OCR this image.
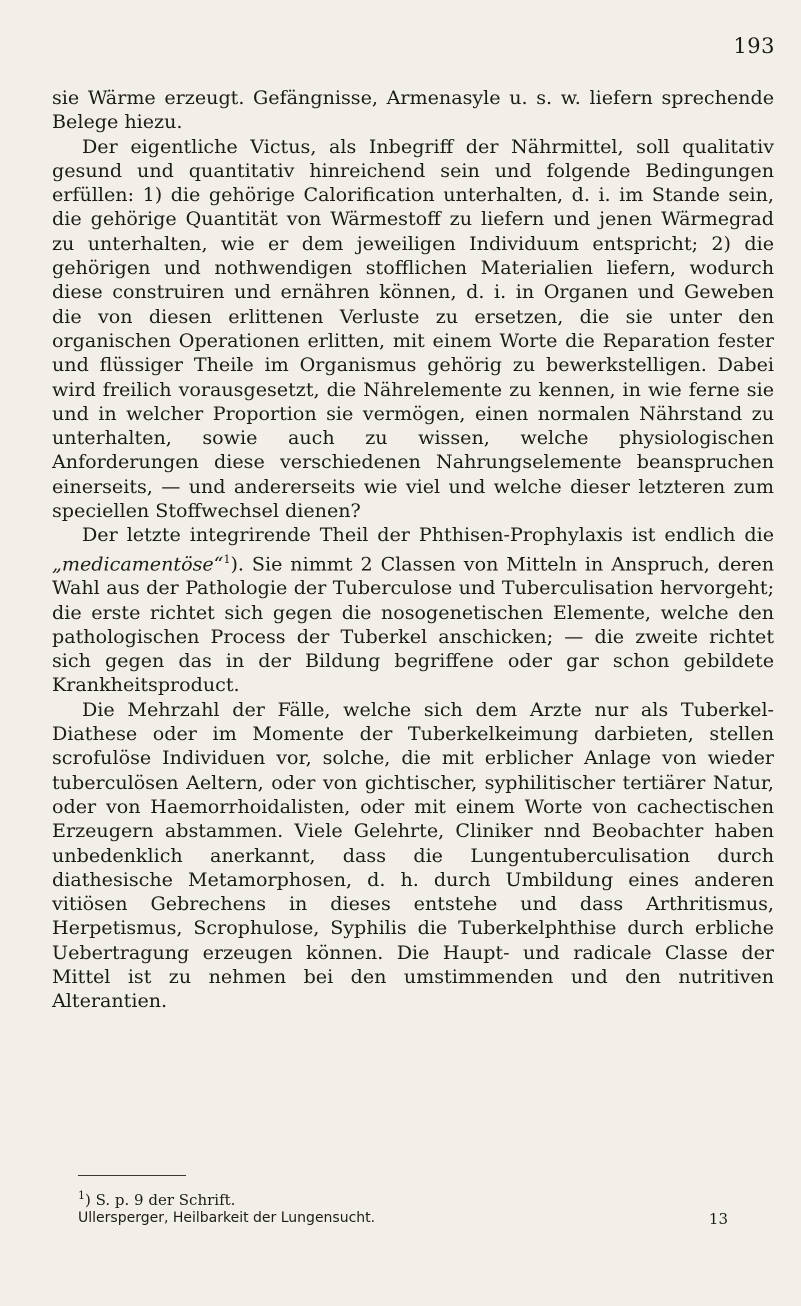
193

sie Wärme erzeugt. Gefängnisse, Armenasyle u. s. w. liefern sprechende Belege hiezu.

Der eigentliche Victus, als Inbegriff der Nährmittel, soll qualitativ gesund und quantitativ hinreichend sein und folgende Bedingungen erfüllen: 1) die gehörige Calorification unterhalten, d. i. im Stande sein, die gehörige Quantität von Wärmestoff zu liefern und jenen Wärmegrad zu unterhalten, wie er dem jeweiligen Individuum entspricht; 2) die gehörigen und nothwendigen stofflichen Materialien liefern, wodurch diese construiren und ernähren können, d. i. in Organen und Geweben die von diesen erlittenen Verluste zu ersetzen, die sie unter den organischen Operationen erlitten, mit einem Worte die Reparation fester und flüssiger Theile im Organismus gehörig zu bewerkstelligen. Dabei wird freilich vorausgesetzt, die Nährelemente zu kennen, in wie ferne sie und in welcher Proportion sie vermögen, einen normalen Nährstand zu unterhalten, sowie auch zu wissen, welche physiologischen Anforderungen diese verschiedenen Nahrungselemente beanspruchen einerseits, — und andererseits wie viel und welche dieser letzteren zum speciellen Stoffwechsel dienen?

Der letzte integrirende Theil der Phthisen-Prophylaxis ist endlich die „medicamentöse“$^1$). Sie nimmt 2 Classen von Mitteln in Anspruch, deren Wahl aus der Pathologie der Tuberculose und Tuberculisation hervorgeht; die erste richtet sich gegen die nosogenetischen Elemente, welche den pathologischen Process der Tuberkel anschicken; — die zweite richtet sich gegen das in der Bildung begriffene oder gar schon gebildete Krankheitsproduct.

Die Mehrzahl der Fälle, welche sich dem Arzte nur als Tuberkel-Diathese oder im Momente der Tuberkelkeimung darbieten, stellen scrofulöse Individuen vor, solche, die mit erblicher Anlage von wieder tuberculösen Aeltern, oder von gichtischer, syphilitischer tertiärer Natur, oder von Haemorrhoidalisten, oder mit einem Worte von cachectischen Erzeugern abstammen. Viele Gelehrte, Cliniker nnd Beobachter haben unbedenklich anerkannt, dass die Lungentuberculisation durch diathesische Metamorphosen, d. h. durch Umbildung eines anderen vitiösen Gebrechens in dieses entstehe und dass Arthritismus, Herpetismus, Scrophulose, Syphilis die Tuberkelphthise durch erbliche Uebertragung erzeugen können. Die Haupt- und radicale Classe der Mittel ist zu nehmen bei den umstimmenden und den nutritiven Alterantien.

$^1$) S. p. 9 der Schrift.
Ullersperger, Heilbarkeit der Lungensucht.	13
